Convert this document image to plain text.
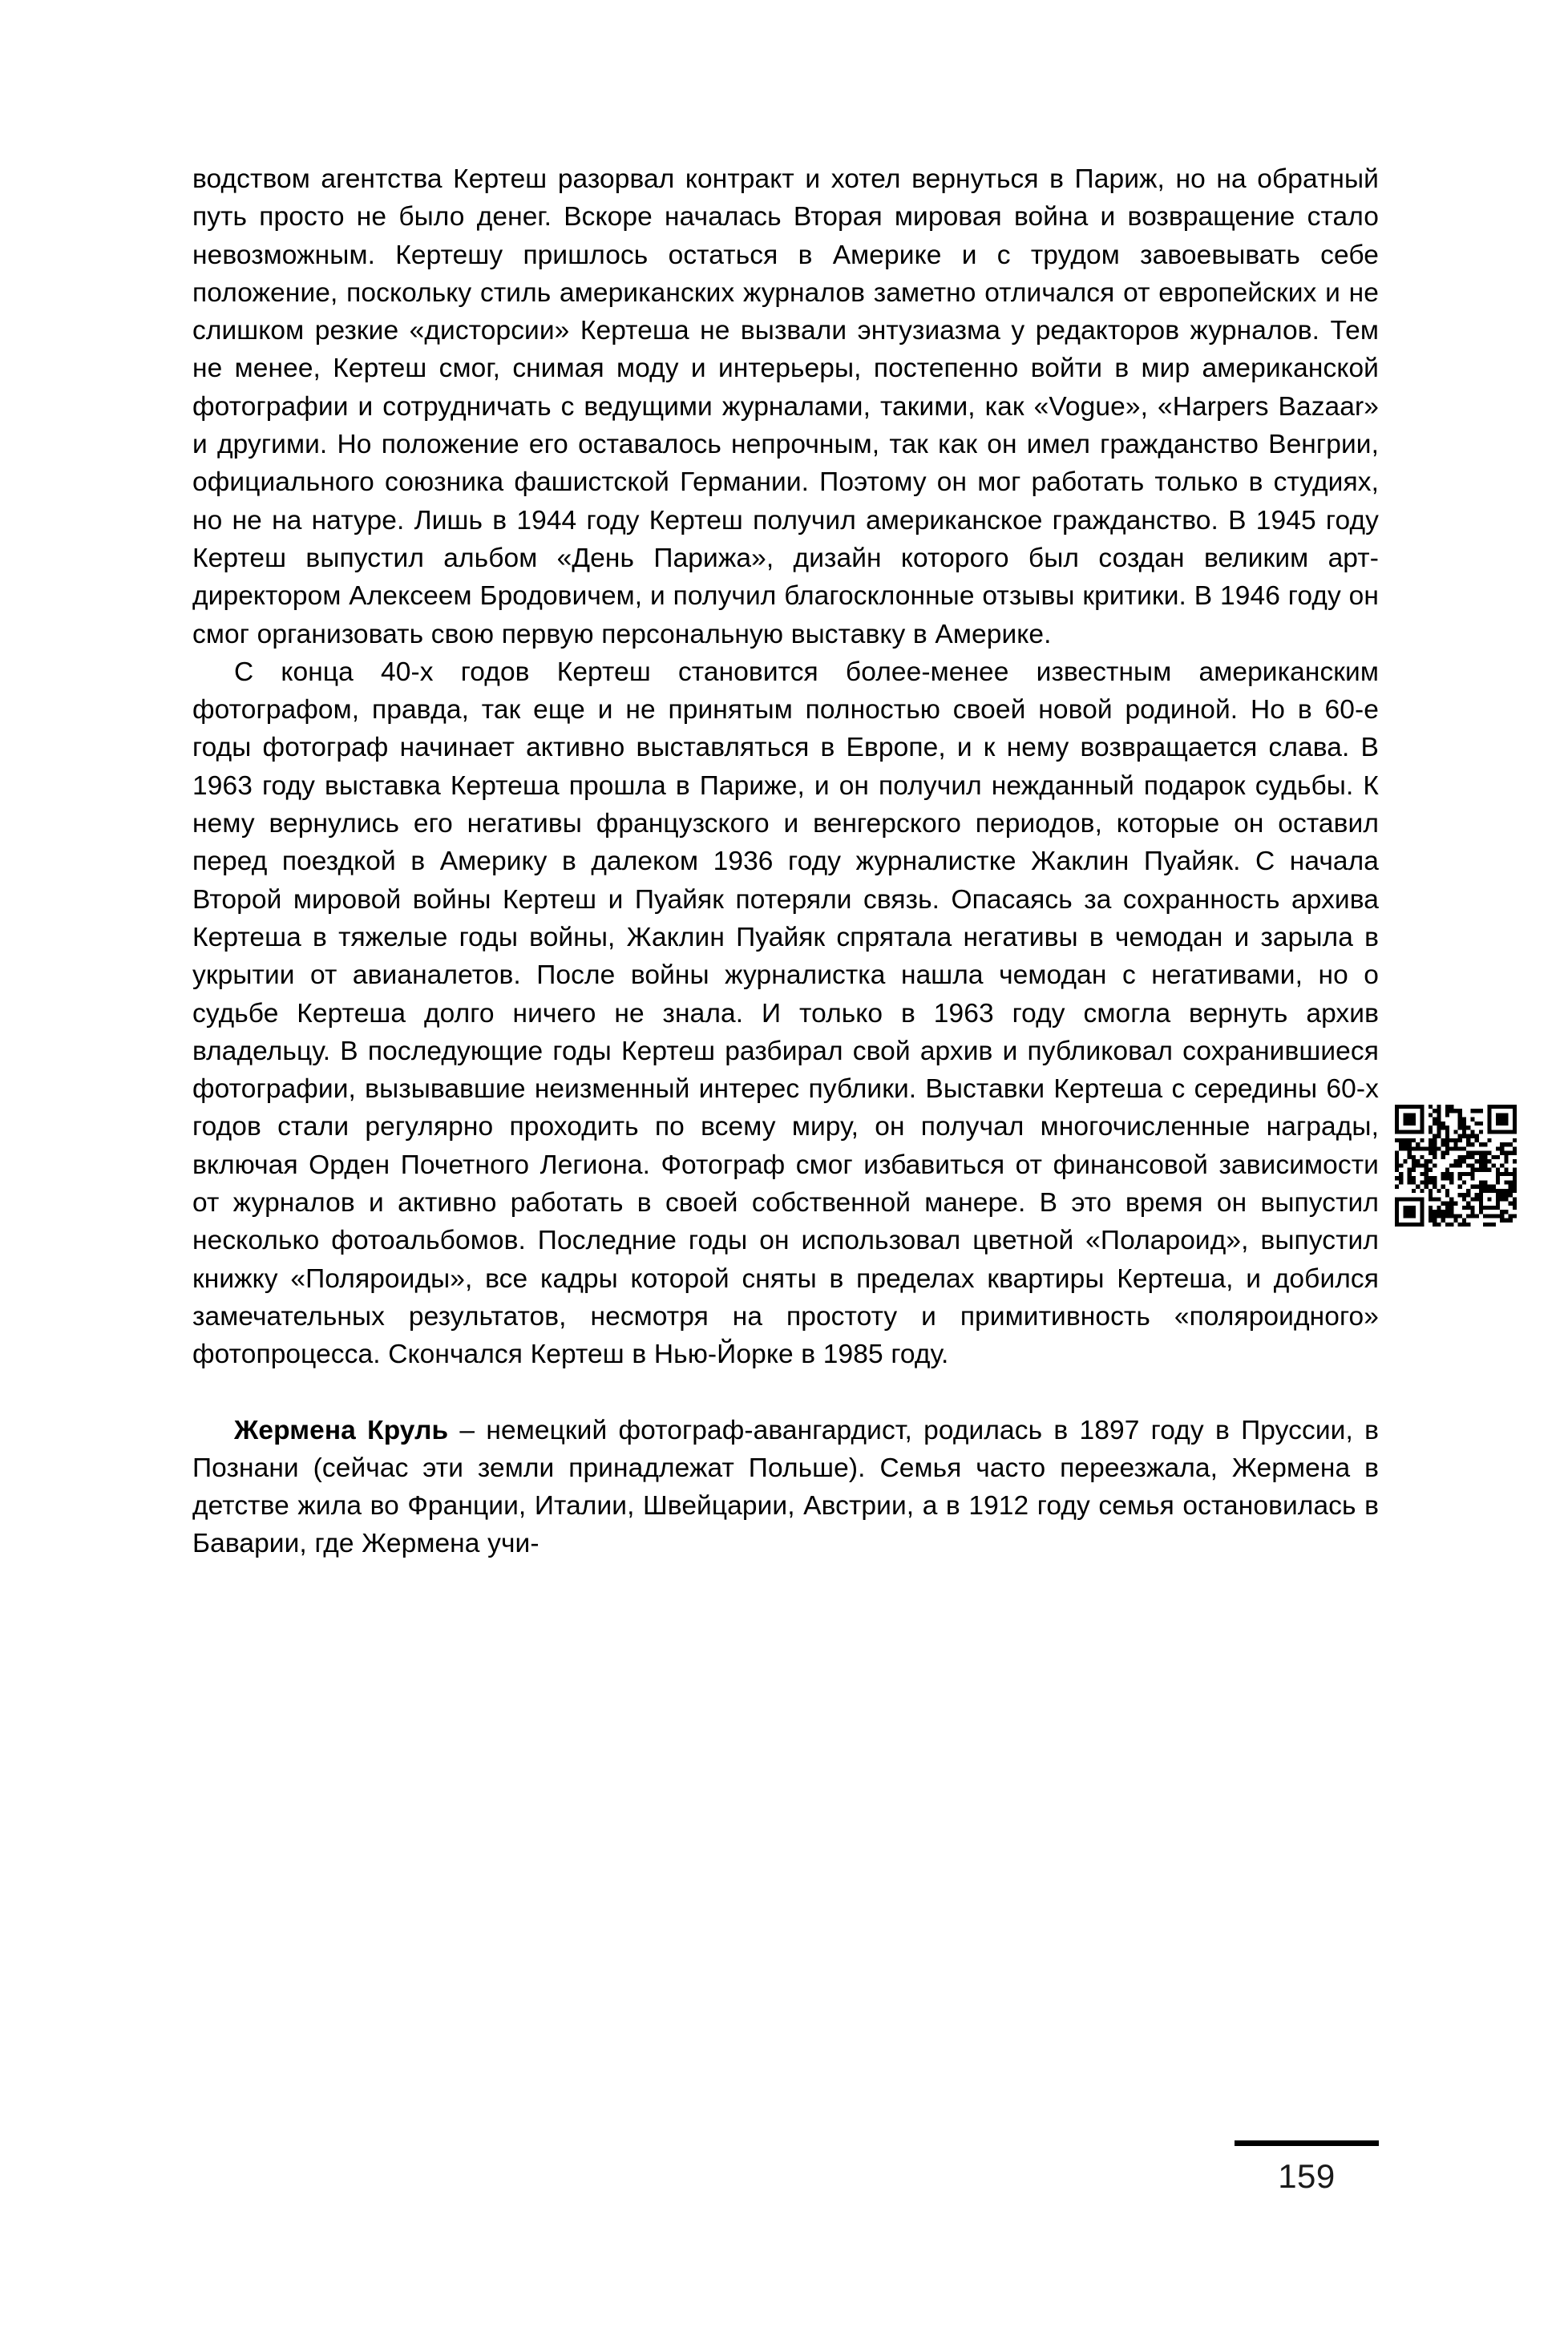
водством агентства Кертеш разорвал контракт и хотел вернуться в Париж, но на обратный путь просто не было денег. Вскоре началась Вторая мировая война и возвращение стало невозможным. Кертешу пришлось остаться в Америке и с трудом завоевывать себе положение, поскольку стиль американских журналов заметно отличался от европейских и не слишком резкие «дисторсии» Кертеша не вызвали энтузиазма у редакторов журналов. Тем не менее, Кертеш смог, снимая моду и интерьеры, постепенно войти в мир американской фотографии и сотрудничать с ведущими журналами, такими, как «Vogue», «Harpers Bazaar» и другими. Но положение его оставалось непрочным, так как он имел гражданство Венгрии, официального союзника фашистской Германии. Поэтому он мог работать только в студиях, но не на натуре. Лишь в 1944 году Кертеш получил американское гражданство. В 1945 году Кертеш выпустил альбом «День Парижа», дизайн которого был создан великим арт-директором Алексеем Бродовичем, и получил благосклонные отзывы критики. В 1946 году он смог организовать свою первую персональную выставку в Америке.

С конца 40-х годов Кертеш становится более-менее известным американским фотографом, правда, так еще и не принятым полностью своей новой родиной. Но в 60-е годы фотограф начинает активно выставляться в Европе, и к нему возвращается слава. В 1963 году выставка Кертеша прошла в Париже, и он получил нежданный подарок судьбы. К нему вернулись его негативы французского и венгерского периодов, которые он оставил перед поездкой в Америку в далеком 1936 году журналистке Жаклин Пуайяк. С начала Второй мировой войны Кертеш и Пуайяк потеряли связь. Опасаясь за сохранность архива Кертеша в тяжелые годы войны, Жаклин Пуайяк спрятала негативы в чемодан и зарыла в укрытии от авианалетов. После войны журналистка нашла чемодан с негативами, но о судьбе Кертеша долго ничего не знала. И только в 1963 году смогла вернуть архив владельцу. В последующие годы Кертеш разбирал свой архив и публиковал сохранившиеся фотографии, вызывавшие неизменный интерес публики. Выставки Кертеша с середины 60-х годов стали регулярно проходить по всему миру, он получал многочисленные награды, включая Орден Почетного Легиона. Фотограф смог избавиться от финансовой зависимости от журналов и активно работать в своей собственной манере. В это время он выпустил несколько фотоальбомов. Последние годы он использовал цветной «Полароид», выпустил книжку «Поляроиды», все кадры которой сняты в пределах квартиры Кертеша, и добился замечательных результатов, несмотря на простоту и примитивность «поляроидного» фотопроцесса. Скончался Кертеш в Нью-Йорке в 1985 году.

Жермена Круль – немецкий фотограф-авангардист, родилась в 1897 году в Пруссии, в Познани (сейчас эти земли принадлежат Польше). Семья часто переезжала, Жермена в детстве жила во Франции, Италии, Швейцарии, Австрии, а в 1912 году семья остановилась в Баварии, где Жермена учи-

159
